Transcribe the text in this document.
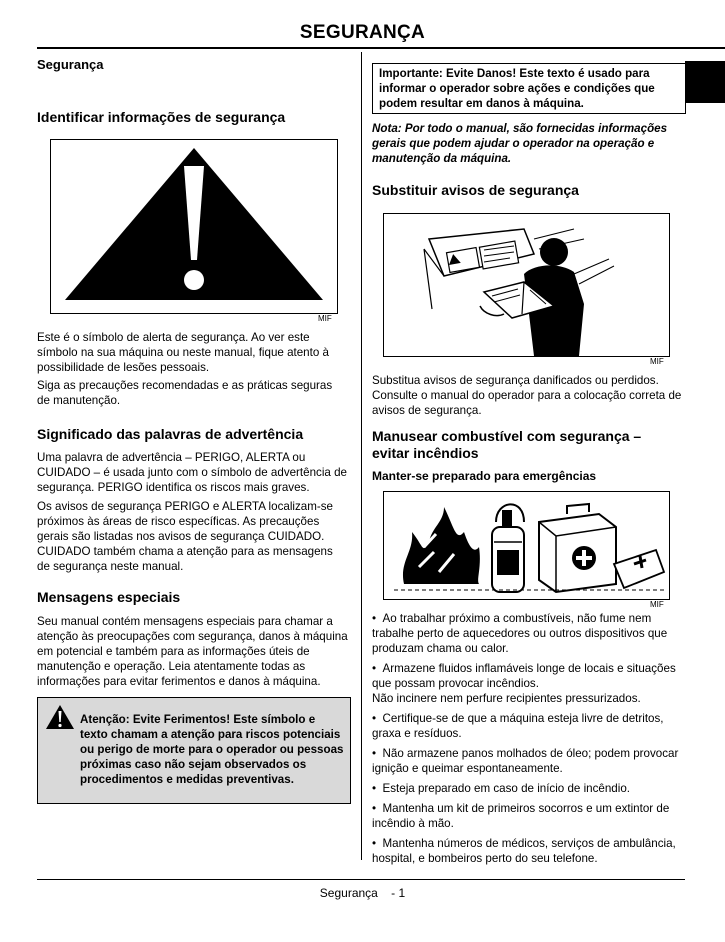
SEGURANÇA
Segurança
Identificar informações de segurança
MIF
Este é o símbolo de alerta de segurança. Ao ver este símbolo na sua máquina ou neste manual, fique atento à possibilidade de lesões pessoais.
Siga as precauções recomendadas e as práticas seguras de manutenção.
Significado das palavras de advertência
Uma palavra de advertência – PERIGO, ALERTA ou CUIDADO – é usada junto com o símbolo de advertência de segurança. PERIGO identifica os riscos mais graves.
Os avisos de segurança PERIGO e ALERTA localizam-se próximos às áreas de risco específicas. As precauções gerais são listadas nos avisos de segurança CUIDADO. CUIDADO também chama a atenção para as mensagens de segurança neste manual.
Mensagens especiais
Seu manual contém mensagens especiais para chamar a atenção às preocupações com segurança, danos à máquina em potencial e também para as informações úteis de manutenção e operação. Leia atentamente todas as informações para evitar ferimentos e danos à máquina.
Atenção: Evite Ferimentos! Este símbolo e texto chamam a atenção para riscos potenciais ou perigo de morte para o operador ou pessoas próximas caso não sejam observados os procedimentos e medidas preventivas.
Importante: Evite Danos! Este texto é usado para informar o operador sobre ações e condições que podem resultar em danos à máquina.
Nota: Por todo o manual, são fornecidas informações gerais que podem ajudar o operador na operação e manutenção da máquina.
Substituir avisos de segurança
MIF
Substitua avisos de segurança danificados ou perdidos. Consulte o manual do operador para a colocação correta de avisos de segurança.
Manusear combustível com segurança – evitar incêndios
Manter-se preparado para emergências
MIF
• Ao trabalhar próximo a combustíveis, não fume nem trabalhe perto de aquecedores ou outros dispositivos que produzam chama ou calor.
• Armazene fluidos inflamáveis longe de locais e situações que possam provocar incêndios.
Não incinere nem perfure recipientes pressurizados.
• Certifique-se de que a máquina esteja livre de detritos, graxa e resíduos.
• Não armazene panos molhados de óleo; podem provocar ignição e queimar espontaneamente.
• Esteja preparado em caso de início de incêndio.
• Mantenha um kit de primeiros socorros e um extintor de incêndio à mão.
• Mantenha números de médicos, serviços de ambulância, hospital, e bombeiros perto do seu telefone.
Segurança    - 1
